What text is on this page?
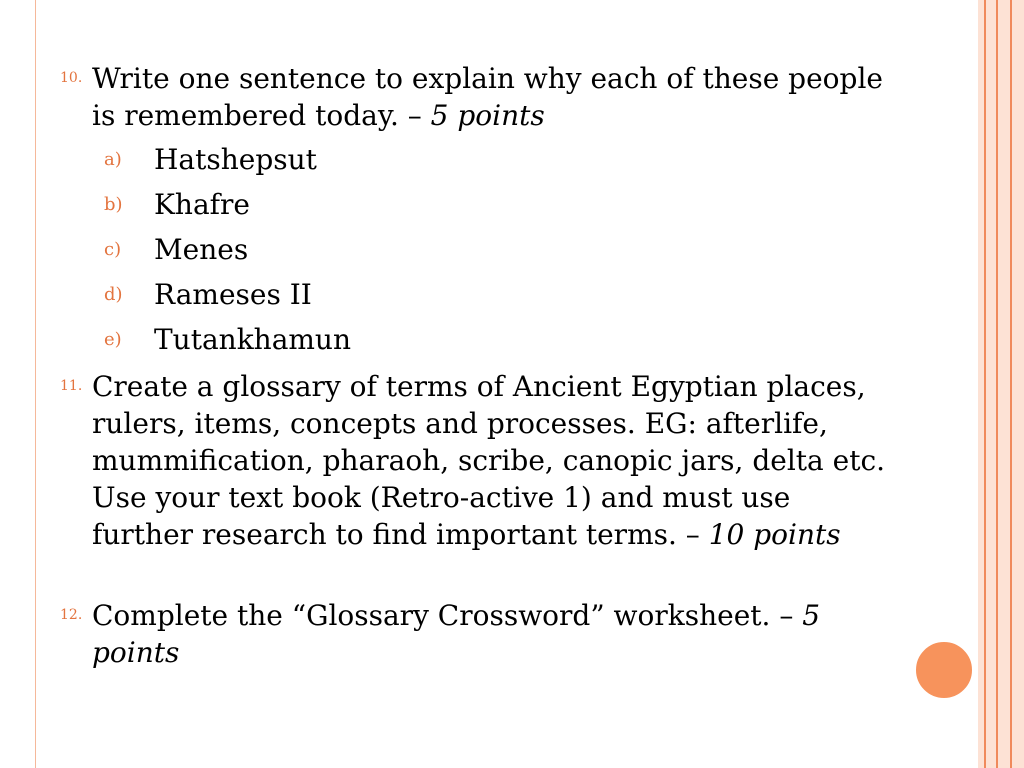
10. Write one sentence to explain why each of these people is remembered today. – 5 points
a)	Hatshepsut
b)	Khafre
c)	Menes
d)	Rameses II
e)	Tutankhamun
11. Create a glossary of terms of Ancient Egyptian places, rulers, items, concepts and processes. EG: afterlife, mummification, pharaoh, scribe, canopic jars, delta etc. Use your text book (Retro-active 1) and must use further research to find important terms. – 10 points
12. Complete the “Glossary Crossword” worksheet. – 5 points
